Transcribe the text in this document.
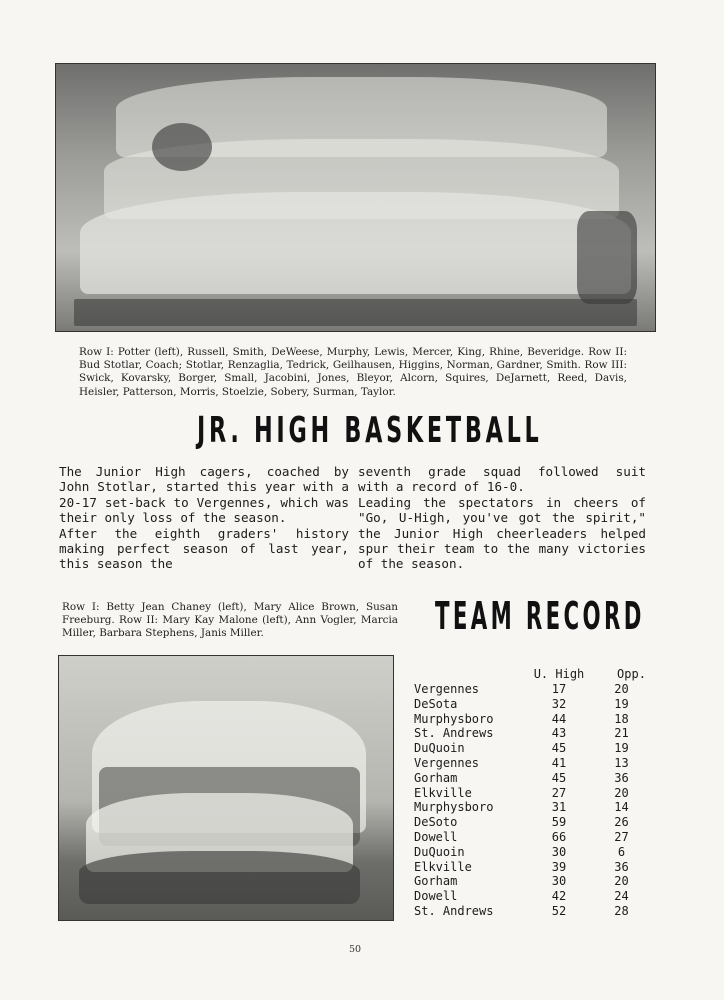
Row I: Potter (left), Russell, Smith, DeWeese, Murphy, Lewis, Mercer, King, Rhine, Beveridge. Row II: Bud Stotlar, Coach; Stotlar, Renzaglia, Tedrick, Geilhausen, Higgins, Norman, Gardner, Smith. Row III: Swick, Kovarsky, Borger, Small, Jacobini, Jones, Bleyor, Alcorn, Squires, DeJarnett, Reed, Davis, Heisler, Patterson, Morris, Stoelzie, Sobery, Surman, Taylor.
JR. HIGH BASKETBALL

The Junior High cagers, coached by John Stotlar, started this year with a 20-17 set-back to Vergennes, which was their only loss of the season.

After the eighth graders' history making perfect season of last year, this season the

seventh grade squad followed suit with a record of 16-0.

Leading the spectators in cheers of "Go, U-High, you've got the spirit," the Junior High cheerleaders helped spur their team to the many victories of the season.

Row I: Betty Jean Chaney (left), Mary Alice Brown, Susan Freeburg. Row II: Mary Kay Malone (left), Ann Vogler, Marcia Miller, Barbara Stephens, Janis Miller.	TEAM RECORD
U. High	Opp.
Vergennes	17	20
DeSota	32	19
Murphysboro	44	18
St. Andrews	43	21
DuQuoin	45	19
Vergennes	41	13
Gorham	45	36
Elkville	27	20
Murphysboro	31	14
DeSoto	59	26
Dowell	66	27
DuQuoin	30	6
Elkville	39	36
Gorham	30	20
Dowell	42	24
St. Andrews	52	28
50
